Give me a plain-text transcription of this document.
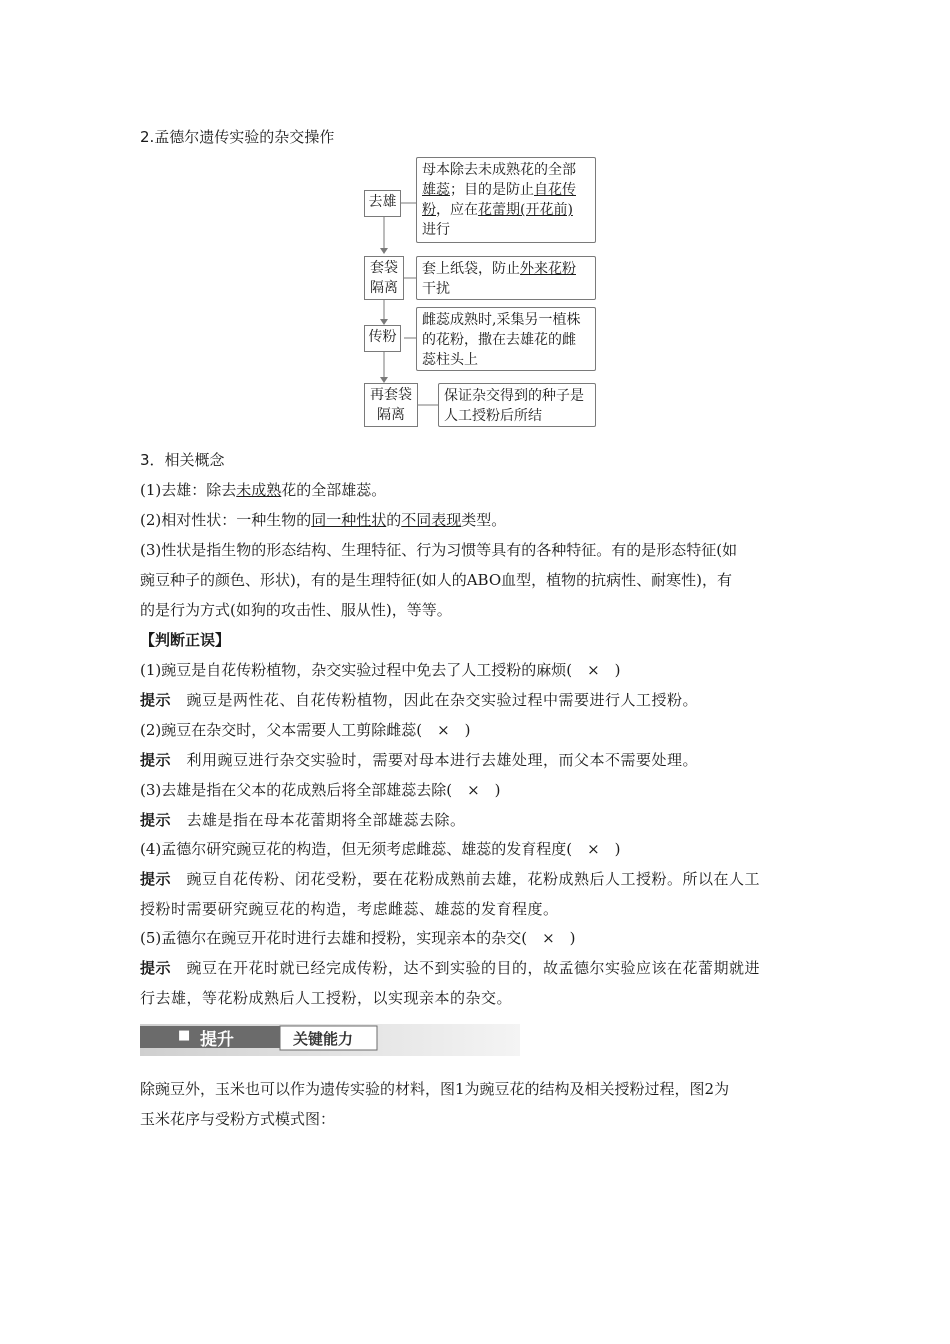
2.孟德尔遗传实验的杂交操作
去雄
母本除去未成熟花的全部
雄蕊；目的是防止自花传
粉，应在花蕾期(开花前)
进行
套袋
隔离
套上纸袋，防止外来花粉
干扰
传粉
雌蕊成熟时,采集另一植株
的花粉，撒在去雄花的雌
蕊柱头上
再套袋
隔离
保证杂交得到的种子是
人工授粉后所结
3．相关概念
(1)去雄：除去未成熟花的全部雄蕊。
(2)相对性状：一种生物的同一种性状的不同表现类型。
(3)性状是指生物的形态结构、生理特征、行为习惯等具有的各种特征。有的是形态特征(如
豌豆种子的颜色、形状)，有的是生理特征(如人的ABO血型，植物的抗病性、耐寒性)，有
的是行为方式(如狗的攻击性、服从性)，等等。
【判断正误】
(1)豌豆是自花传粉植物，杂交实验过程中免去了人工授粉的麻烦(　×　)
提示　 豌豆是两性花、自花传粉植物，因此在杂交实验过程中需要进行人工授粉。
(2)豌豆在杂交时，父本需要人工剪除雌蕊(　×　)
提示　 利用豌豆进行杂交实验时，需要对母本进行去雄处理，而父本不需要处理。
(3)去雄是指在父本的花成熟后将全部雄蕊去除(　×　)
提示　 去雄是指在母本花蕾期将全部雄蕊去除。
(4)孟德尔研究豌豆花的构造，但无须考虑雌蕊、雄蕊的发育程度(　×　)
提示　 豌豆自花传粉、闭花受粉，要在花粉成熟前去雄，花粉成熟后人工授粉。所以在人工
授粉时需要研究豌豆花的构造，考虑雌蕊、雄蕊的发育程度。
(5)孟德尔在豌豆开花时进行去雄和授粉，实现亲本的杂交(　×　)
提示　 豌豆在开花时就已经完成传粉，达不到实验的目的，故孟德尔实验应该在花蕾期就进
行去雄，等花粉成熟后人工授粉，以实现亲本的杂交。
■ 提升	关键能力
除豌豆外，玉米也可以作为遗传实验的材料，图1为豌豆花的结构及相关授粉过程，图2为
玉米花序与受粉方式模式图：
